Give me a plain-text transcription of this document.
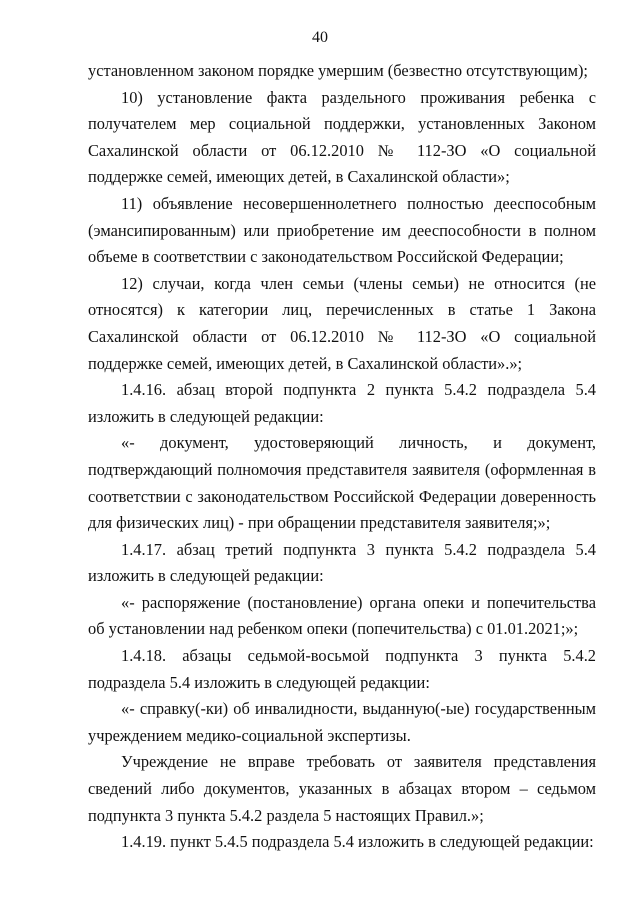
40

установленном законом порядке умершим (безвестно отсутствующим);

10) установление факта раздельного проживания ребенка с получателем мер социальной поддержки, установленных Законом Сахалинской области от 06.12.2010 № 112-ЗО «О социальной поддержке семей, имеющих детей, в Сахалинской области»;

11) объявление несовершеннолетнего полностью дееспособным (эмансипированным) или приобретение им дееспособности в полном объеме в соответствии с законодательством Российской Федерации;

12) случаи, когда член семьи (члены семьи) не относится (не относятся) к категории лиц, перечисленных в статье 1 Закона Сахалинской области от 06.12.2010 № 112-ЗО «О социальной поддержке семей, имеющих детей, в Сахалинской области».»;

1.4.16. абзац второй подпункта 2 пункта 5.4.2 подраздела 5.4 изложить в следующей редакции:

«- документ, удостоверяющий личность, и документ, подтверждающий полномочия представителя заявителя (оформленная в соответствии с законодательством Российской Федерации доверенность для физических лиц) - при обращении представителя заявителя;»;

1.4.17. абзац третий подпункта 3 пункта 5.4.2 подраздела 5.4 изложить в следующей редакции:

«- распоряжение (постановление) органа опеки и попечительства об установлении над ребенком опеки (попечительства) с 01.01.2021;»;

1.4.18. абзацы седьмой-восьмой подпункта 3 пункта 5.4.2 подраздела 5.4 изложить в следующей редакции:

«- справку(-ки) об инвалидности, выданную(-ые) государственным учреждением медико-социальной экспертизы.

Учреждение не вправе требовать от заявителя представления сведений либо документов, указанных в абзацах втором – седьмом подпункта 3 пункта 5.4.2 раздела 5 настоящих Правил.»;

1.4.19. пункт 5.4.5 подраздела 5.4 изложить в следующей редакции:
